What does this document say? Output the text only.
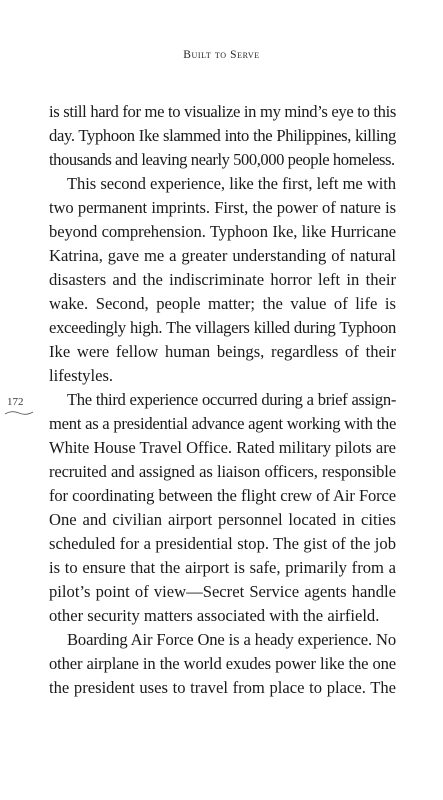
Built to Serve
172

is still hard for me to visualize in my mind’s eye to this
day. Typhoon Ike slammed into the Philippines, killing
thousands and leaving nearly 500,000 people homeless.

This second experience, like the first, left me with
two permanent imprints. First, the power of nature is
beyond comprehension. Typhoon Ike, like Hurricane
Katrina, gave me a greater understanding of natural
disasters and the indiscriminate horror left in their
wake. Second, people matter; the value of life is
exceedingly high. The villagers killed during Typhoon
Ike were fellow human beings, regardless of their
lifestyles.

The third experience occurred during a brief assign-
ment as a presidential advance agent working with the
White House Travel Office. Rated military pilots are
recruited and assigned as liaison officers, responsible
for coordinating between the flight crew of Air Force
One and civilian airport personnel located in cities
scheduled for a presidential stop. The gist of the job
is to ensure that the airport is safe, primarily from a
pilot’s point of view—Secret Service agents handle
other security matters associated with the airfield.

Boarding Air Force One is a heady experience. No
other airplane in the world exudes power like the one
the president uses to travel from place to place. The
